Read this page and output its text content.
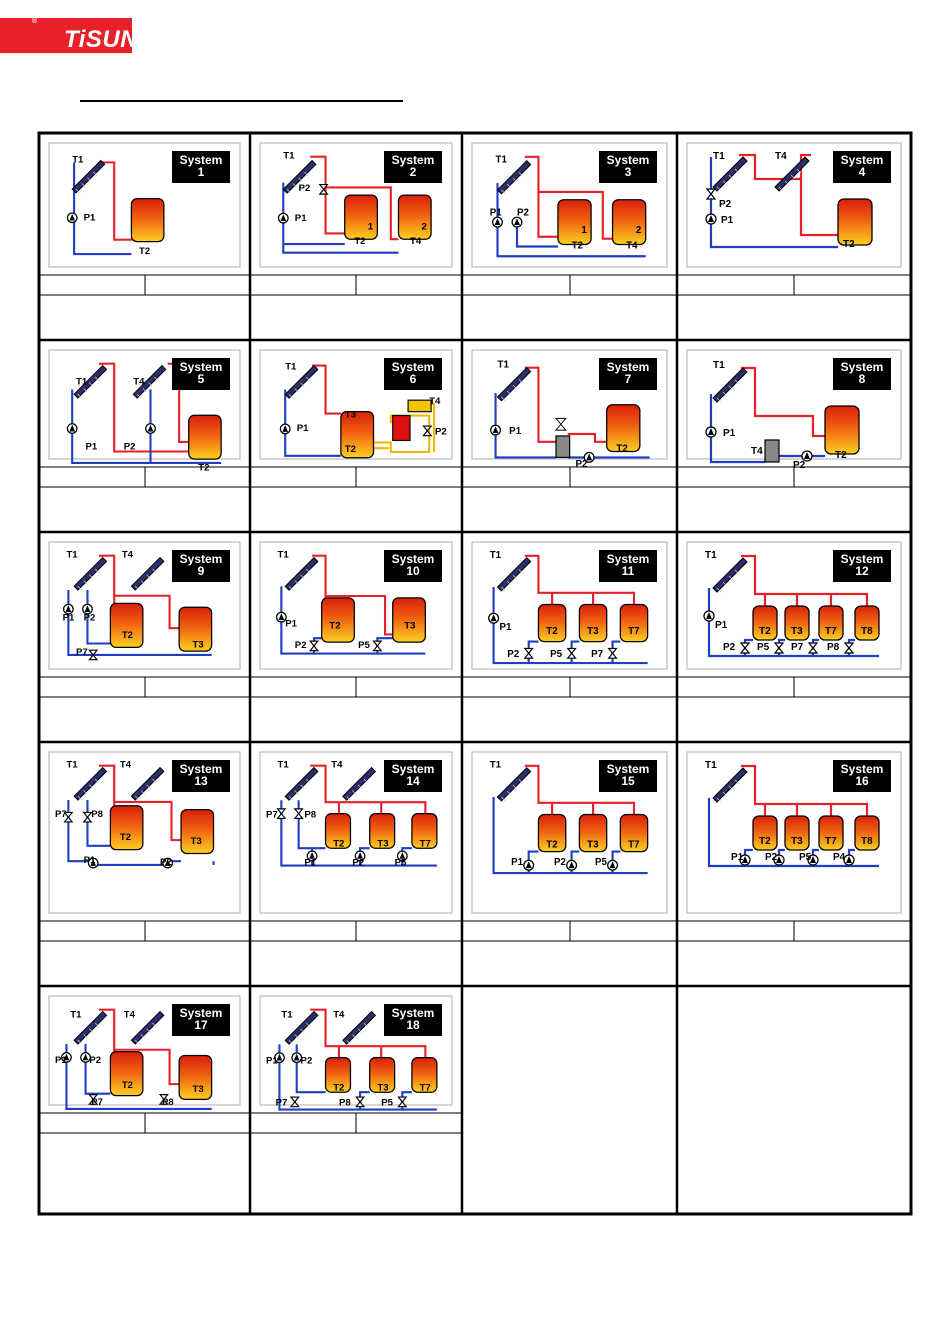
TiSUN
®
System
1
T1
P1
T2
System
2
T1
P2
P1
1	2
T2	T4
System
3
T1
P1 P2
1	2
T2	T4
System
4
T1	T4
P2
P1
T2
System
5
T1	T4
P1	P2
T2
System
6
T1
P1
T3
T2
T4
P2
System
7
T1
P1
P2
T2
System
8
T1
P1
T4
P2
T2
System
9
T1	T4
P1 P2
T2
T3
P7
System
10
T1
P1	T2	T3
P2	P5
System
11
T1
P1	T2	T3	T7
P2	P5	P7
System
12
T1
P1
T2 T3 T7 T8
P2 P5 P7 P8
System
13
T1	T4
P7 P8
T2	T3
P1	P2
System
14
T1	T4
P7	P8
T2	T3	T7
P1	P2	P5
System
15
T1
T2	T3	T7
P1	P2	P5
System
16
T1
T2 T3 T7 T8
P1 P2 P5 P4
System
17
T1	T4
P1 P2
T2	T3
P7	P8
System
18
T1	T4
P1 P2
T2	T3	T7
P7	P8	P5
